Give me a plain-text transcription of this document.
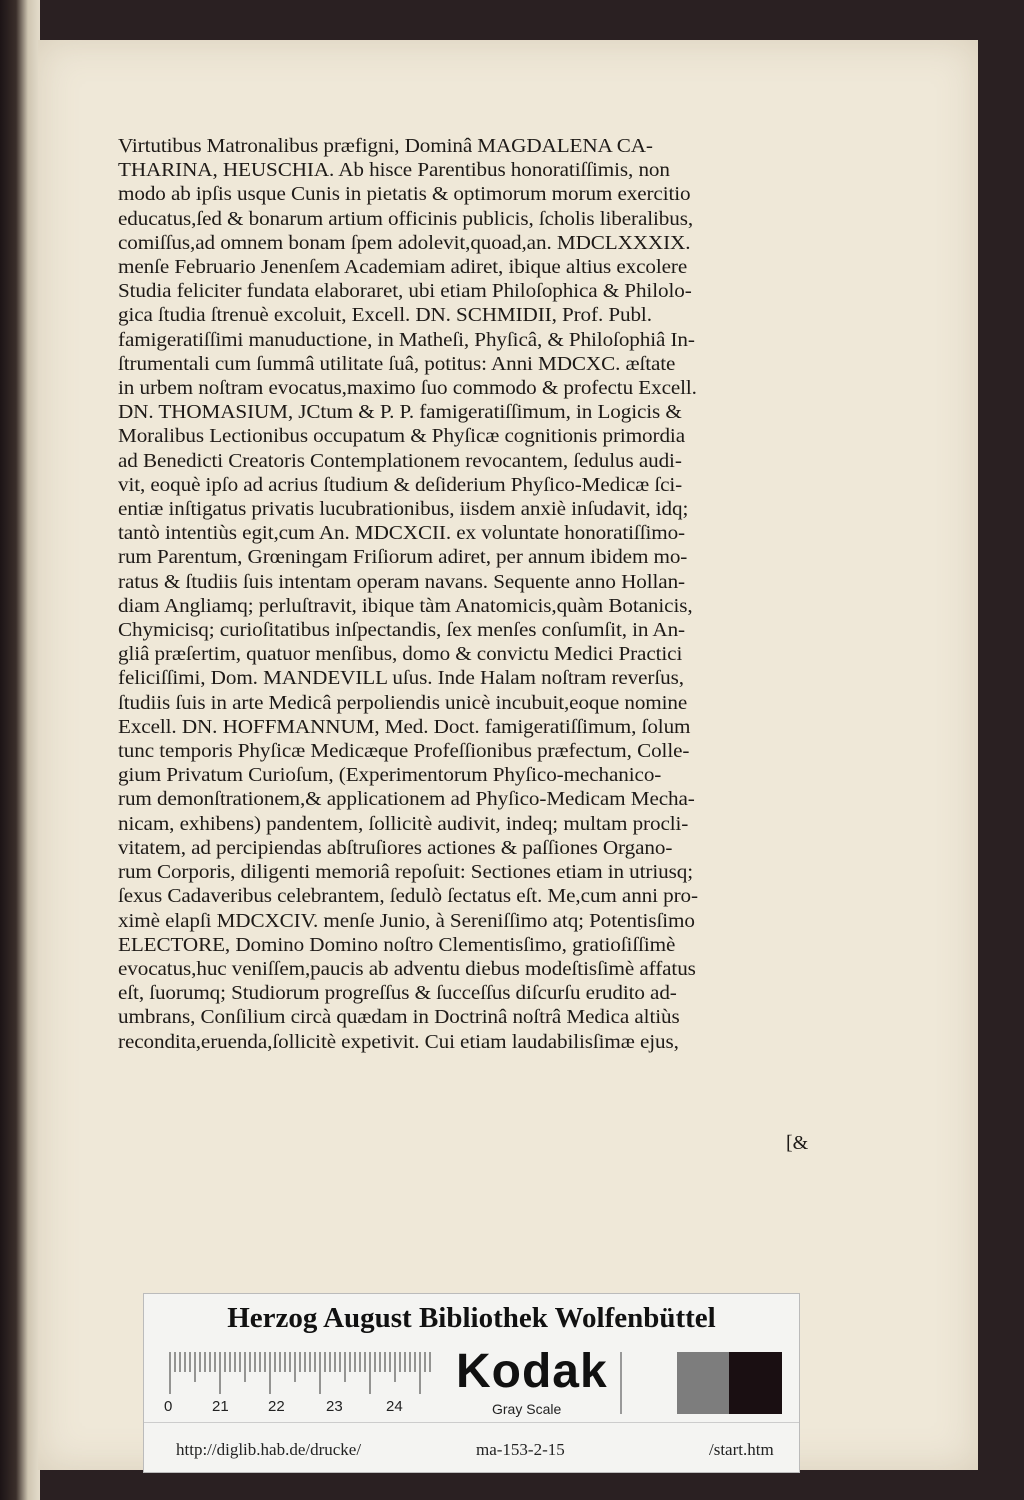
Virtutibus Matronalibus præfigni, Dominâ MAGDALENA CA-
THARINA, HEUSCHIA. Ab hisce Parentibus honoratiſſimis, non
modo ab ipſis usque Cunis in pietatis & optimorum morum exercitio
educatus,ſed & bonarum artium officinis publicis, ſcholis liberalibus,
comiſſus,ad omnem bonam ſpem adolevit,quoad,an. MDCLXXXIX.
menſe Februario Jenenſem Academiam adiret, ibique altius excolere
Studia feliciter fundata elaboraret, ubi etiam Philoſophica & Philolo-
gica ſtudia ſtrenuè excoluit, Excell. DN. SCHMIDII, Prof. Publ.
famigeratiſſimi manuductione, in Matheſi, Phyſicâ, & Philoſophiâ In-
ſtrumentali cum ſummâ utilitate ſuâ, potitus: Anni MDCXC. æſtate
in urbem noſtram evocatus,maximo ſuo commodo & profectu Excell.
DN. THOMASIUM, JCtum & P. P. famigeratiſſimum, in Logicis &
Moralibus Lectionibus occupatum & Phyſicæ cognitionis primordia
ad Benedicti Creatoris Contemplationem revocantem, ſedulus audi-
vit, eoquè ipſo ad acrius ſtudium & deſiderium Phyſico-Medicæ ſci-
entiæ inſtigatus privatis lucubrationibus, iisdem anxiè inſudavit, idq;
tantò intentiùs egit,cum An. MDCXCII. ex voluntate honoratiſſimo-
rum Parentum, Grœningam Friſiorum adiret, per annum ibidem mo-
ratus & ſtudiis ſuis intentam operam navans. Sequente anno Hollan-
diam Angliamq; perluſtravit, ibique tàm Anatomicis,quàm Botanicis,
Chymicisq; curioſitatibus inſpectandis, ſex menſes conſumſit, in An-
gliâ præſertim, quatuor menſibus, domo & convictu Medici Practici
feliciſſimi, Dom. MANDEVILL uſus. Inde Halam noſtram reverſus,
ſtudiis ſuis in arte Medicâ perpoliendis unicè incubuit,eoque nomine
Excell. DN. HOFFMANNUM, Med. Doct. famigeratiſſimum, ſolum
tunc temporis Phyſicæ Medicæque Profeſſionibus præfectum, Colle-
gium Privatum Curioſum, (Experimentorum Phyſico-mechanico-
rum demonſtrationem,& applicationem ad Phyſico-Medicam Mecha-
nicam, exhibens) pandentem, ſollicitè audivit, indeq; multam procli-
vitatem, ad percipiendas abſtruſiores actiones & paſſiones Organo-
rum Corporis, diligenti memoriâ repoſuit: Sectiones etiam in utriusq;
ſexus Cadaveribus celebrantem, ſedulò ſectatus eſt. Me,cum anni pro-
ximè elapſi MDCXCIV. menſe Junio, à Sereniſſimo atq; Potentisſimo
ELECTORE, Domino Domino noſtro Clementisſimo, gratioſiſſimè
evocatus,huc veniſſem,paucis ab adventu diebus modeſtisſimè affatus
eſt, ſuorumq; Studiorum progreſſus & ſucceſſus diſcurſu erudito ad-
umbrans, Conſilium circà quædam in Doctrinâ noſtrâ Medica altiùs
recondita,eruenda,ſollicitè expetivit. Cui etiam laudabilisſimæ ejus,
[&
Herzog August Bibliothek Wolfenbüttel
0	21	22	23	24
Kodak
Gray Scale
http://diglib.hab.de/drucke/	ma-153-2-15	/start.htm
